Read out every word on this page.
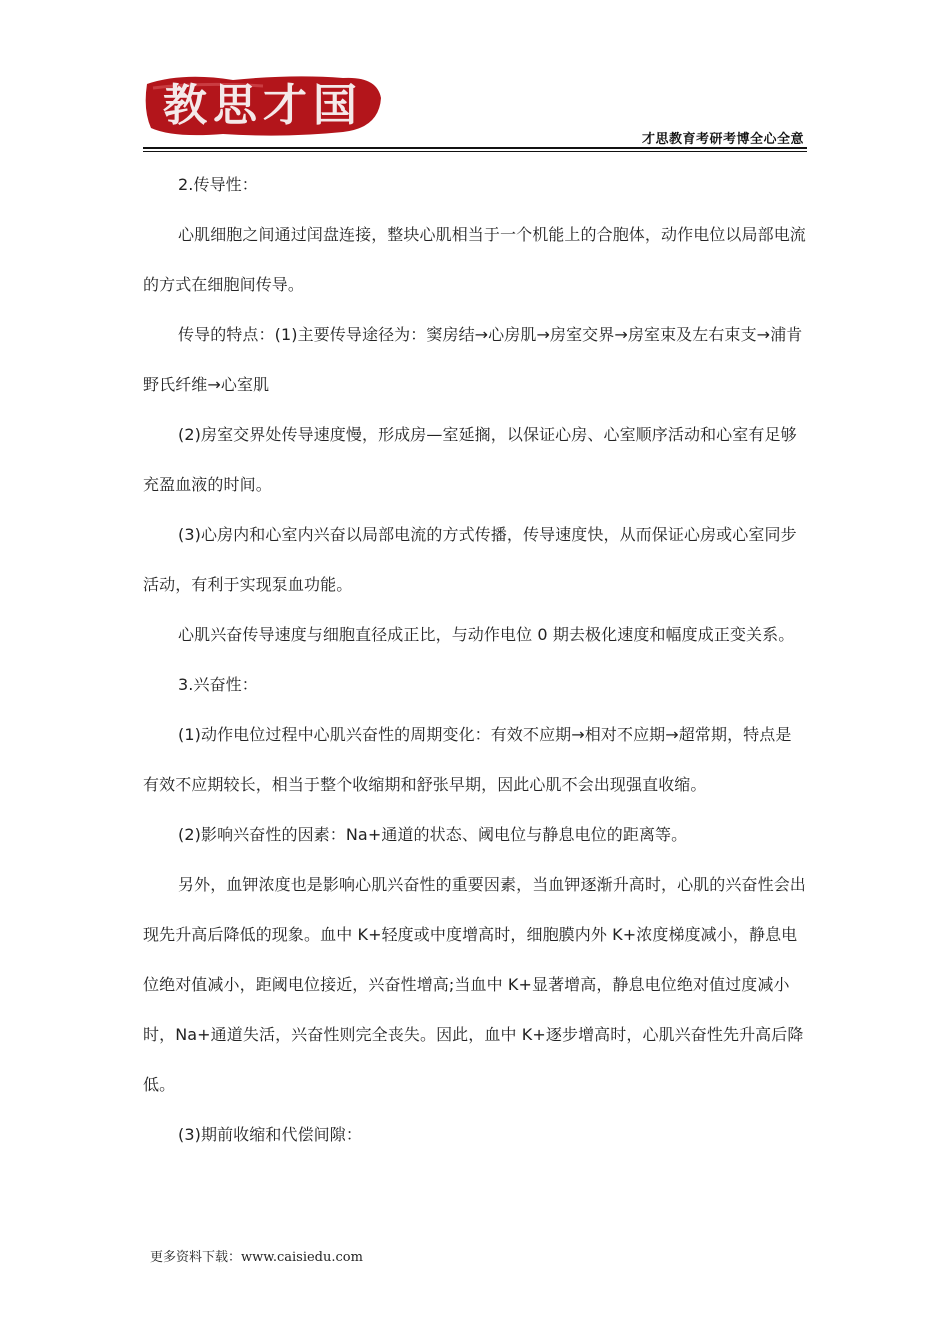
教思才国
才思教育考研考博全心全意

2.传导性：

心肌细胞之间通过闰盘连接，整块心肌相当于一个机能上的合胞体，动作电位以局部电流的方式在细胞间传导。

传导的特点：(1)主要传导途径为：窦房结→心房肌→房室交界→房室束及左右束支→浦肯野氏纤维→心室肌

(2)房室交界处传导速度慢，形成房—室延搁，以保证心房、心室顺序活动和心室有足够充盈血液的时间。

(3)心房内和心室内兴奋以局部电流的方式传播，传导速度快，从而保证心房或心室同步活动，有利于实现泵血功能。

心肌兴奋传导速度与细胞直径成正比，与动作电位 0 期去极化速度和幅度成正变关系。

3.兴奋性：

(1)动作电位过程中心肌兴奋性的周期变化：有效不应期→相对不应期→超常期，特点是有效不应期较长，相当于整个收缩期和舒张早期，因此心肌不会出现强直收缩。

(2)影响兴奋性的因素：Na+通道的状态、阈电位与静息电位的距离等。

另外，血钾浓度也是影响心肌兴奋性的重要因素，当血钾逐渐升高时，心肌的兴奋性会出现先升高后降低的现象。血中 K+轻度或中度增高时，细胞膜内外 K+浓度梯度减小，静息电位绝对值减小，距阈电位接近，兴奋性增高;当血中 K+显著增高，静息电位绝对值过度减小时，Na+通道失活，兴奋性则完全丧失。因此，血中 K+逐步增高时，心肌兴奋性先升高后降低。

(3)期前收缩和代偿间隙：

更多资料下载：www.caisiedu.com
